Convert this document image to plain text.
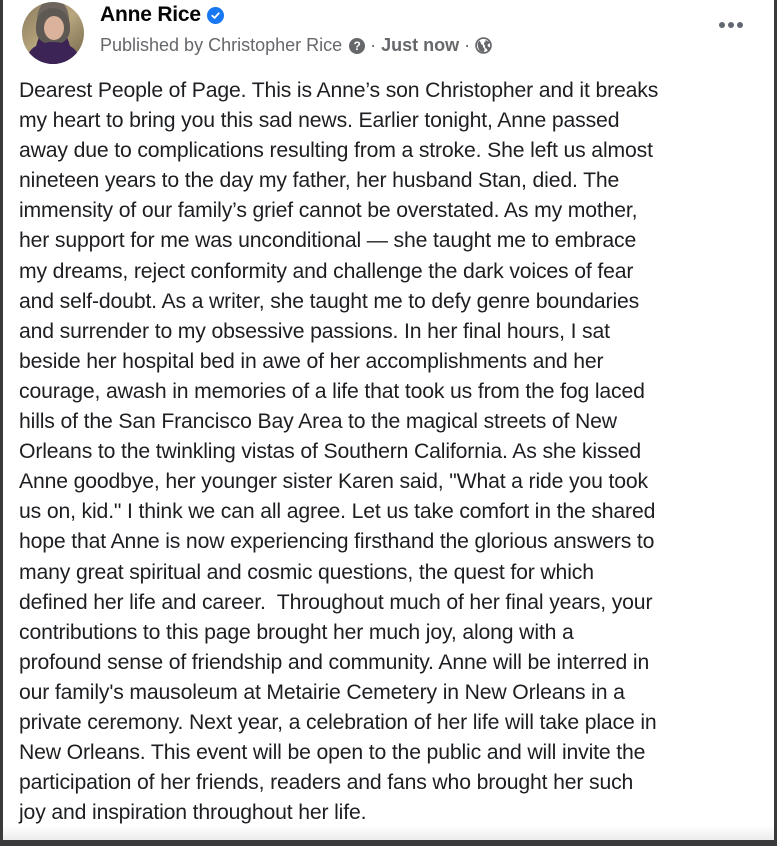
Anne Rice
Published by Christopher Rice ? · Just now ·
Dearest People of Page. This is Anne’s son Christopher and it breaks
my heart to bring you this sad news. Earlier tonight, Anne passed
away due to complications resulting from a stroke. She left us almost
nineteen years to the day my father, her husband Stan, died. The
immensity of our family’s grief cannot be overstated. As my mother,
her support for me was unconditional — she taught me to embrace
my dreams, reject conformity and challenge the dark voices of fear
and self-doubt. As a writer, she taught me to defy genre boundaries
and surrender to my obsessive passions. In her final hours, I sat
beside her hospital bed in awe of her accomplishments and her
courage, awash in memories of a life that took us from the fog laced
hills of the San Francisco Bay Area to the magical streets of New
Orleans to the twinkling vistas of Southern California. As she kissed
Anne goodbye, her younger sister Karen said, "What a ride you took
us on, kid." I think we can all agree. Let us take comfort in the shared
hope that Anne is now experiencing firsthand the glorious answers to
many great spiritual and cosmic questions, the quest for which
defined her life and career.  Throughout much of her final years, your
contributions to this page brought her much joy, along with a
profound sense of friendship and community. Anne will be interred in
our family's mausoleum at Metairie Cemetery in New Orleans in a
private ceremony. Next year, a celebration of her life will take place in
New Orleans. This event will be open to the public and will invite the
participation of her friends, readers and fans who brought her such
joy and inspiration throughout her life.
